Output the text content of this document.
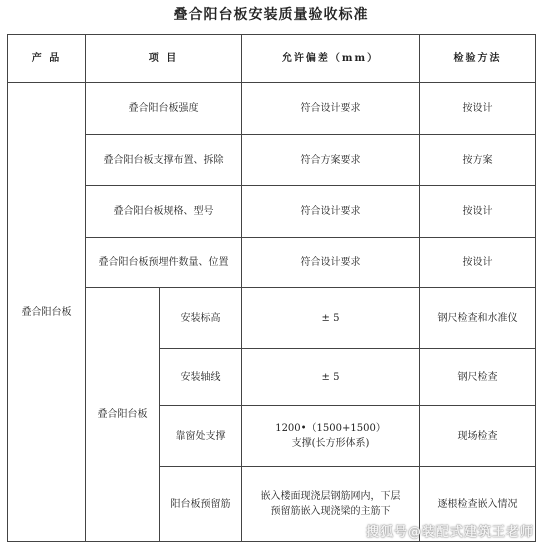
叠合阳台板安装质量验收标准
产 品	项 目		允许偏差（mm）	检验方法
叠合阳台板	叠合阳台板强度		符合设计要求	按设计
	叠合阳台板支撑布置、拆除		符合方案要求	按方案
	叠合阳台板规格、型号		符合设计要求	按设计
	叠合阳台板预埋件数量、位置		符合设计要求	按设计
	叠合阳台板	安装标高	± 5	钢尺检查和水准仪
		安装轴线	± 5	钢尺检查
		靠窗处支撑	1200•（1500+1500）
支撑(长方形体系)	现场检查
		阳台板预留筋	嵌入楼面现浇层钢筋网内，下层
预留筋嵌入现浇梁的主筋下	逐根检查嵌入情况
搜狐号@装配式建筑王老师
